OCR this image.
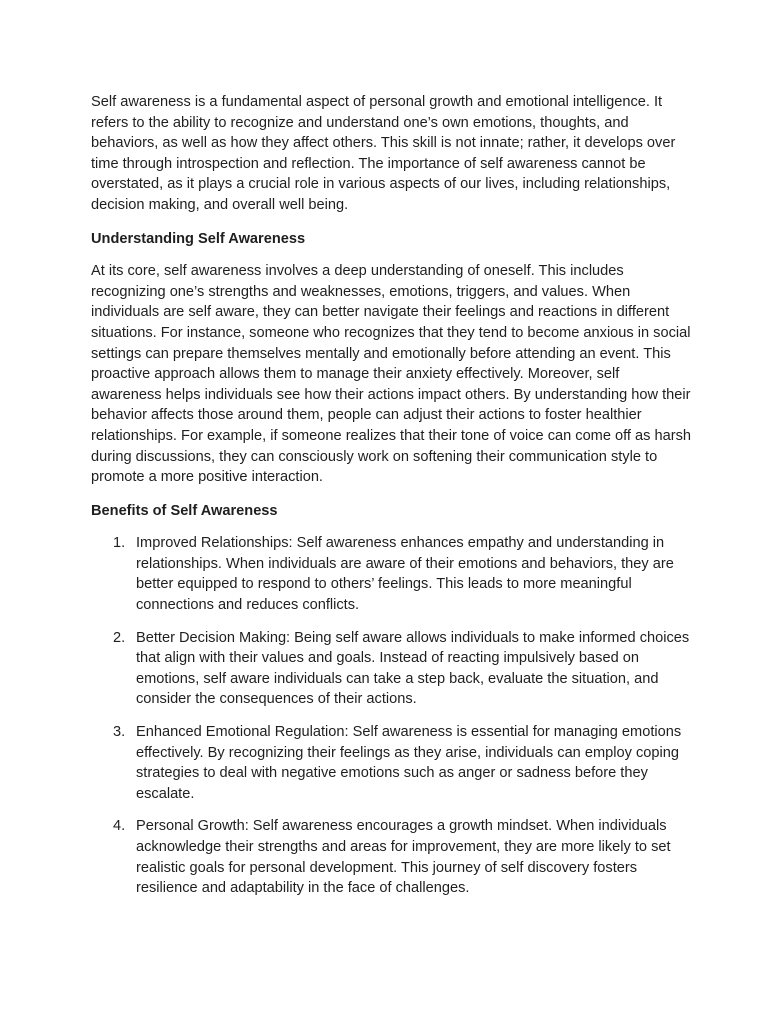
Self awareness is a fundamental aspect of personal growth and emotional intelligence. It refers to the ability to recognize and understand one’s own emotions, thoughts, and behaviors, as well as how they affect others. This skill is not innate; rather, it develops over time through introspection and reflection. The importance of self awareness cannot be overstated, as it plays a crucial role in various aspects of our lives, including relationships, decision making, and overall well being.

Understanding Self Awareness

At its core, self awareness involves a deep understanding of oneself. This includes recognizing one’s strengths and weaknesses, emotions, triggers, and values. When individuals are self aware, they can better navigate their feelings and reactions in different situations. For instance, someone who recognizes that they tend to become anxious in social settings can prepare themselves mentally and emotionally before attending an event. This proactive approach allows them to manage their anxiety effectively. Moreover, self awareness helps individuals see how their actions impact others. By understanding how their behavior affects those around them, people can adjust their actions to foster healthier relationships. For example, if someone realizes that their tone of voice can come off as harsh during discussions, they can consciously work on softening their communication style to promote a more positive interaction.

Benefits of Self Awareness

1. Improved Relationships: Self awareness enhances empathy and understanding in relationships. When individuals are aware of their emotions and behaviors, they are better equipped to respond to others’ feelings. This leads to more meaningful connections and reduces conflicts.
2. Better Decision Making: Being self aware allows individuals to make informed choices that align with their values and goals. Instead of reacting impulsively based on emotions, self aware individuals can take a step back, evaluate the situation, and consider the consequences of their actions.
3. Enhanced Emotional Regulation: Self awareness is essential for managing emotions effectively. By recognizing their feelings as they arise, individuals can employ coping strategies to deal with negative emotions such as anger or sadness before they escalate.
4. Personal Growth: Self awareness encourages a growth mindset. When individuals acknowledge their strengths and areas for improvement, they are more likely to set realistic goals for personal development. This journey of self discovery fosters resilience and adaptability in the face of challenges.
